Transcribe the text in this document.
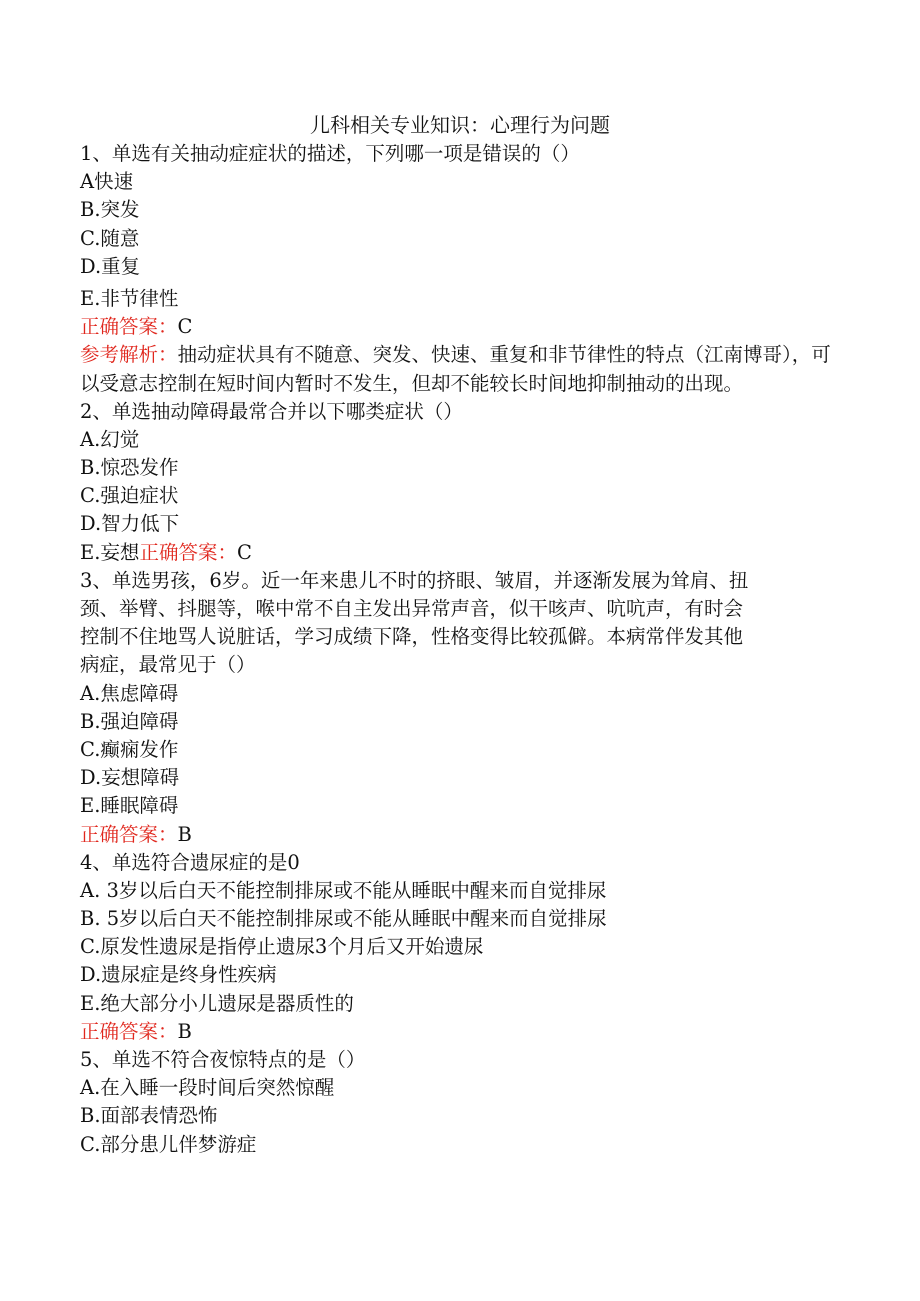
儿科相关专业知识：心理行为问题
1、单选有关抽动症症状的描述，下列哪一项是错误的（）
A快速
B.突发
C.随意
D.重复
E.非节律性
正确答案：C
参考解析：抽动症状具有不随意、突发、快速、重复和非节律性的特点（江南博哥），可以受意志控制在短时间内暂时不发生，但却不能较长时间地抑制抽动的出现。
2、单选抽动障碍最常合并以下哪类症状（）
A.幻觉
B.惊恐发作
C.强迫症状
D.智力低下
E.妄想正确答案：C
3、单选男孩，6岁。近一年来患儿不时的挤眼、皱眉，并逐渐发展为耸肩、扭
颈、举臂、抖腿等，喉中常不自主发出异常声音，似干咳声、吭吭声，有时会
控制不住地骂人说脏话，学习成绩下降，性格变得比较孤僻。本病常伴发其他
病症，最常见于（）
A.焦虑障碍
B.强迫障碍
C.癫痫发作
D.妄想障碍
E.睡眠障碍
正确答案：B
4、单选符合遗尿症的是0
A. 3岁以后白天不能控制排尿或不能从睡眠中醒来而自觉排尿
B. 5岁以后白天不能控制排尿或不能从睡眠中醒来而自觉排尿
C.原发性遗尿是指停止遗尿3个月后又开始遗尿
D.遗尿症是终身性疾病
E.绝大部分小儿遗尿是器质性的
正确答案：B
5、单选不符合夜惊特点的是（）
A.在入睡一段时间后突然惊醒
B.面部表情恐怖
C.部分患儿伴梦游症
